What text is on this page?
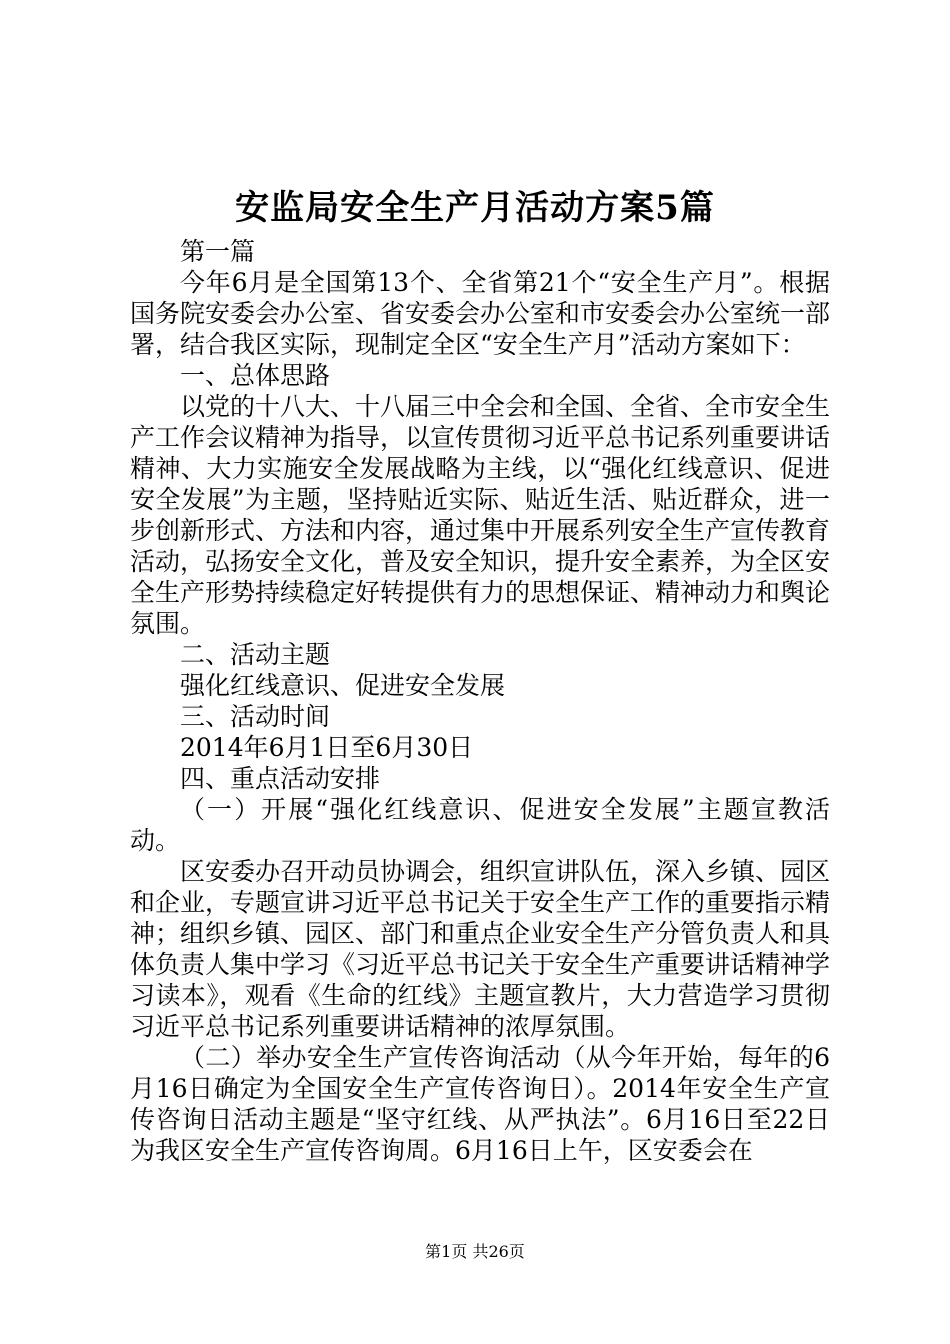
安监局安全生产月活动方案5篇

第一篇

今年6月是全国第13个、全省第21个“安全生产月”。根据国务院安委会办公室、省安委会办公室和市安委会办公室统一部署，结合我区实际，现制定全区“安全生产月”活动方案如下：

一、总体思路

以党的十八大、十八届三中全会和全国、全省、全市安全生产工作会议精神为指导，以宣传贯彻习近平总书记系列重要讲话精神、大力实施安全发展战略为主线，以“强化红线意识、促进安全发展”为主题，坚持贴近实际、贴近生活、贴近群众，进一步创新形式、方法和内容，通过集中开展系列安全生产宣传教育活动，弘扬安全文化，普及安全知识，提升安全素养，为全区安全生产形势持续稳定好转提供有力的思想保证、精神动力和舆论氛围。

二、活动主题

强化红线意识、促进安全发展

三、活动时间

2014年6月1日至6月30日

四、重点活动安排

（一）开展“强化红线意识、促进安全发展”主题宣教活动。

区安委办召开动员协调会，组织宣讲队伍，深入乡镇、园区和企业，专题宣讲习近平总书记关于安全生产工作的重要指示精神；组织乡镇、园区、部门和重点企业安全生产分管负责人和具体负责人集中学习《习近平总书记关于安全生产重要讲话精神学习读本》，观看《生命的红线》主题宣教片，大力营造学习贯彻习近平总书记系列重要讲话精神的浓厚氛围。

（二）举办安全生产宣传咨询活动（从今年开始，每年的6月16日确定为全国安全生产宣传咨询日）。2014年安全生产宣传咨询日活动主题是“坚守红线、从严执法”。6月16日至22日为我区安全生产宣传咨询周。6月16日上午，区安委会在

第1页 共26页
